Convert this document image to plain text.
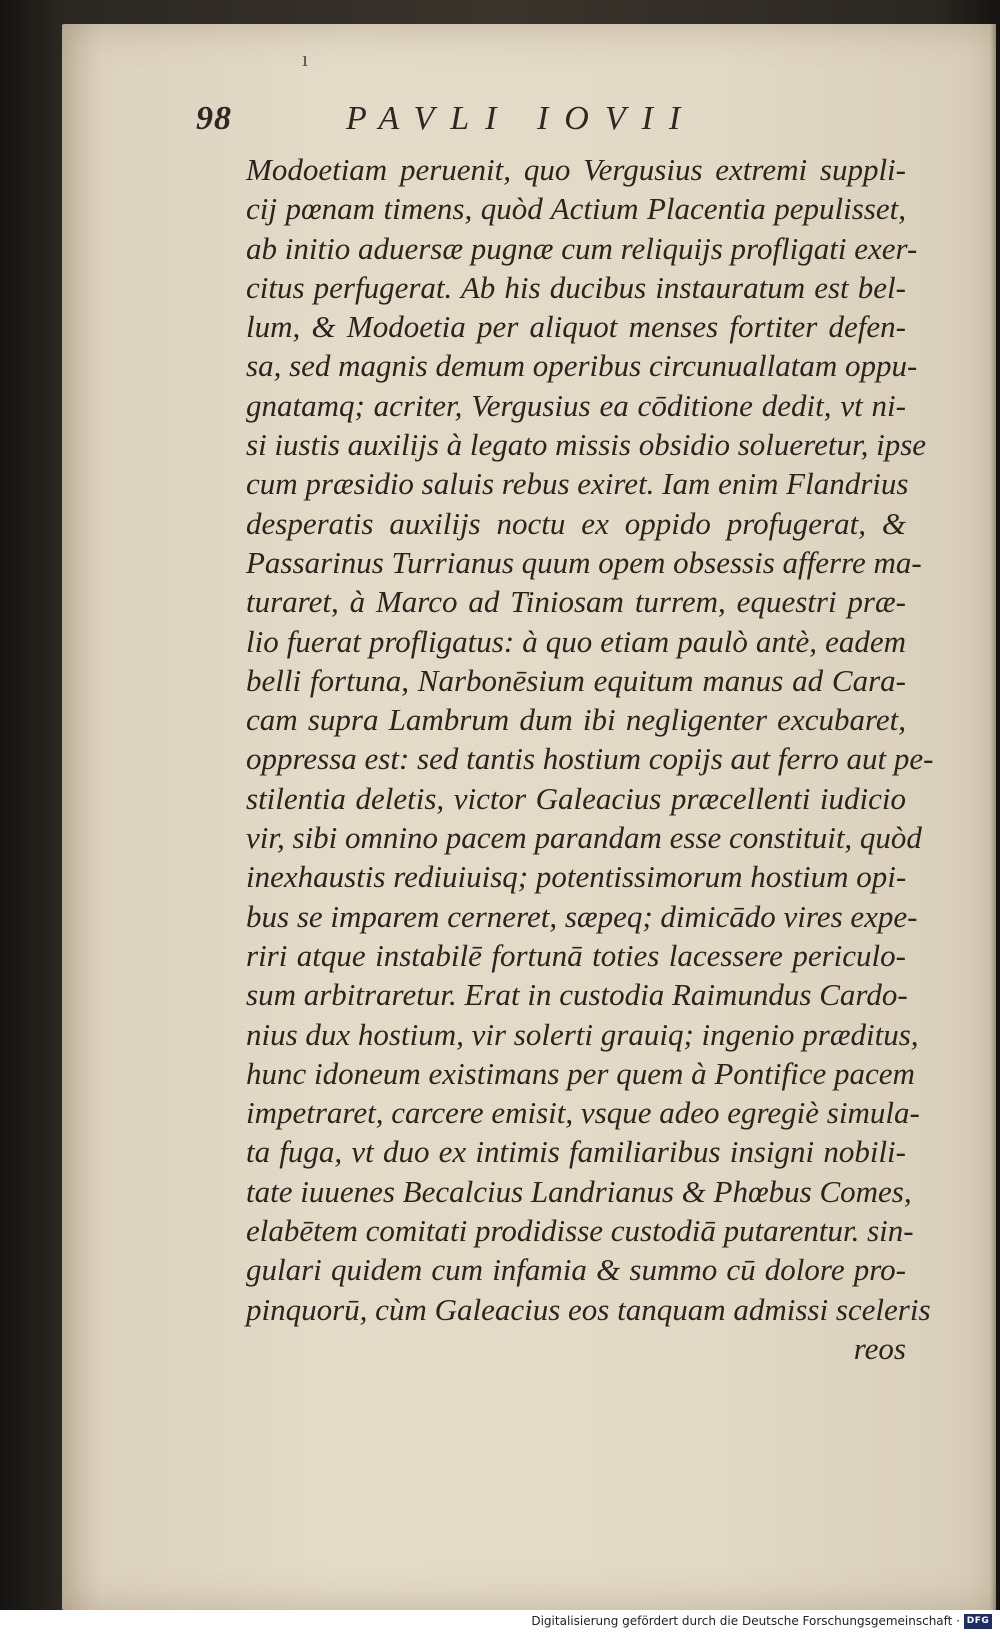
98	PAVLI IOVII
ı
Modoetiam peruenit, quo Vergusius extremi suppli-
cij pœnam timens, quòd Actium Placentia pepulisset,
ab initio aduersæ pugnæ cum reliquijs profligati exer-
citus perfugerat. Ab his ducibus instauratum est bel-
lum, & Modoetia per aliquot menses fortiter defen-
sa, sed magnis demum operibus circunuallatam oppu-
gnatamq; acriter, Vergusius ea cōditione dedit, vt ni-
si iustis auxilijs à legato missis obsidio solueretur, ipse
cum præsidio saluis rebus exiret. Iam enim Flandrius
desperatis auxilijs noctu ex oppido profugerat, &
Passarinus Turrianus quum opem obsessis afferre ma-
turaret, à Marco ad Tiniosam turrem, equestri præ-
lio fuerat profligatus: à quo etiam paulò antè, eadem
belli fortuna, Narbonēsium equitum manus ad Cara-
cam supra Lambrum dum ibi negligenter excubaret,
oppressa est: sed tantis hostium copijs aut ferro aut pe-
stilentia deletis, victor Galeacius præcellenti iudicio
vir, sibi omnino pacem parandam esse constituit, quòd
inexhaustis rediuiuisq; potentissimorum hostium opi-
bus se imparem cerneret, sæpeq; dimicādo vires expe-
riri atque instabilē fortunā toties lacessere periculo-
sum arbitraretur. Erat in custodia Raimundus Cardo-
nius dux hostium, vir solerti grauiq; ingenio præditus,
hunc idoneum existimans per quem à Pontifice pacem
impetraret, carcere emisit, vsque adeo egregiè simula-
ta fuga, vt duo ex intimis familiaribus insigni nobili-
tate iuuenes Becalcius Landrianus & Phœbus Comes,
elabētem comitati prodidisse custodiā putarentur. sin-
gulari quidem cum infamia & summo cū dolore pro-
pinquorū, cùm Galeacius eos tanquam admissi sceleris
reos
Digitalisierung gefördert durch die Deutsche Forschungsgemeinschaft · DFG
